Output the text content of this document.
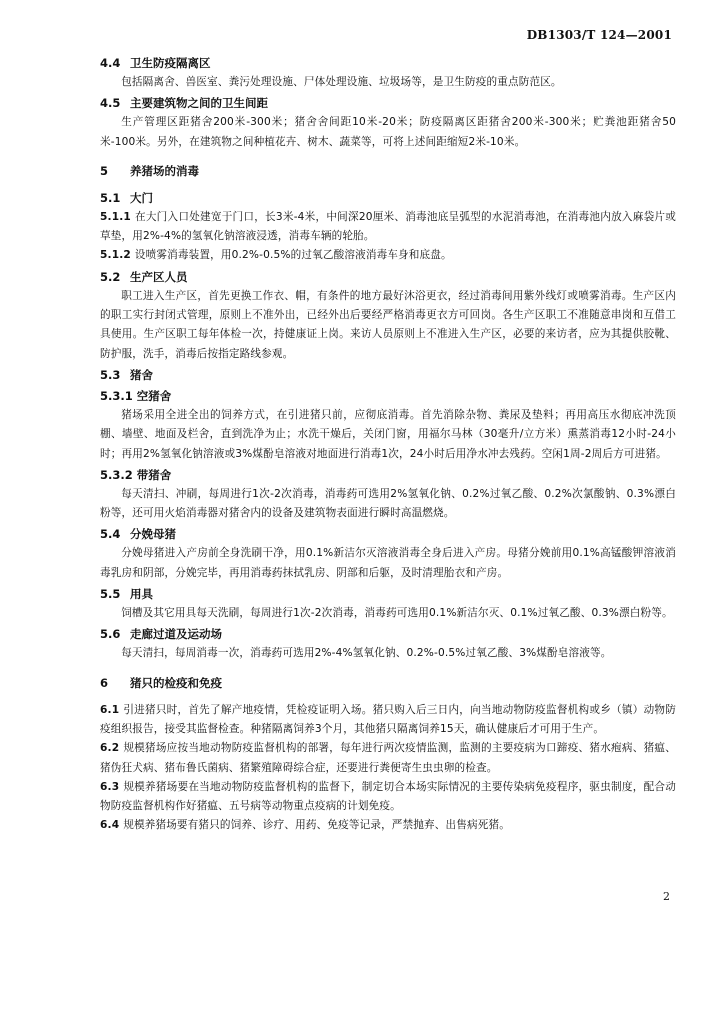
DB1303/T 124—2001
4.4 卫生防疫隔离区
包括隔离舍、兽医室、粪污处理设施、尸体处理设施、垃圾场等，是卫生防疫的重点防范区。
4.5 主要建筑物之间的卫生间距
生产管理区距猪舍200米-300米；猪舍舍间距10米-20米；防疫隔离区距猪舍200米-300米；贮粪池距猪舍50米-100米。另外，在建筑物之间种植花卉、树木、蔬菜等，可将上述间距缩短2米-10米。
5 养猪场的消毒
5.1 大门
5.1.1 在大门入口处建宽于门口，长3米-4米，中间深20厘米、消毒池底呈弧型的水泥消毒池，在消毒池内放入麻袋片或草垫，用2%-4%的氢氧化钠溶液浸透，消毒车辆的轮胎。
5.1.2 设喷雾消毒装置，用0.2%-0.5%的过氧乙酸溶液消毒车身和底盘。
5.2 生产区人员
职工进入生产区，首先更换工作衣、帽，有条件的地方最好沐浴更衣，经过消毒间用紫外线灯或喷雾消毒。生产区内的职工实行封闭式管理，原则上不准外出，已经外出后要经严格消毒更衣方可回岗。各生产区职工不准随意串岗和互借工具使用。生产区职工每年体检一次，持健康证上岗。来访人员原则上不准进入生产区，必要的来访者，应为其提供胶靴、防护服，洗手，消毒后按指定路线参观。
5.3 猪舍
5.3.1 空猪舍
猪场采用全进全出的饲养方式，在引进猪只前，应彻底消毒。首先消除杂物、粪尿及垫料；再用高压水彻底冲洗顶棚、墙壁、地面及栏舍，直到洗净为止；水洗干燥后，关闭门窗，用福尔马林（30毫升/立方米）熏蒸消毒12小时-24小时；再用2%氢氧化钠溶液或3%煤酚皂溶液对地面进行消毒1次，24小时后用净水冲去残药。空闲1周-2周后方可进猪。
5.3.2 带猪舍
每天清扫、冲刷，每周进行1次-2次消毒，消毒药可选用2%氢氧化钠、0.2%过氧乙酸、0.2%次氯酸钠、0.3%漂白粉等，还可用火焰消毒器对猪舍内的设备及建筑物表面进行瞬时高温燃烧。
5.4 分娩母猪
分娩母猪进入产房前全身洗刷干净，用0.1%新洁尔灭溶液消毒全身后进入产房。母猪分娩前用0.1%高锰酸钾溶液消毒乳房和阴部，分娩完毕，再用消毒药抹拭乳房、阴部和后躯，及时清理胎衣和产房。
5.5 用具
饲槽及其它用具每天洗刷，每周进行1次-2次消毒，消毒药可选用0.1%新洁尔灭、0.1%过氧乙酸、0.3%漂白粉等。
5.6 走廊过道及运动场
每天清扫，每周消毒一次，消毒药可选用2%-4%氢氧化钠、0.2%-0.5%过氧乙酸、3%煤酚皂溶液等。
6 猪只的检疫和免疫
6.1 引进猪只时，首先了解产地疫情，凭检疫证明入场。猪只购入后三日内，向当地动物防疫监督机构或乡（镇）动物防疫组织报告，接受其监督检查。种猪隔离饲养3个月，其他猪只隔离饲养15天，确认健康后才可用于生产。
6.2 规模猪场应按当地动物防疫监督机构的部署，每年进行两次疫情监测，监测的主要疫病为口蹄疫、猪水疱病、猪瘟、猪伪狂犬病、猪布鲁氏菌病、猪繁殖障碍综合症，还要进行粪便寄生虫虫卵的检查。
6.3 规模养猪场要在当地动物防疫监督机构的监督下，制定切合本场实际情况的主要传染病免疫程序，驱虫制度，配合动物防疫监督机构作好猪瘟、五号病等动物重点疫病的计划免疫。
6.4 规模养猪场要有猪只的饲养、诊疗、用药、免疫等记录，严禁抛弃、出售病死猪。
2
